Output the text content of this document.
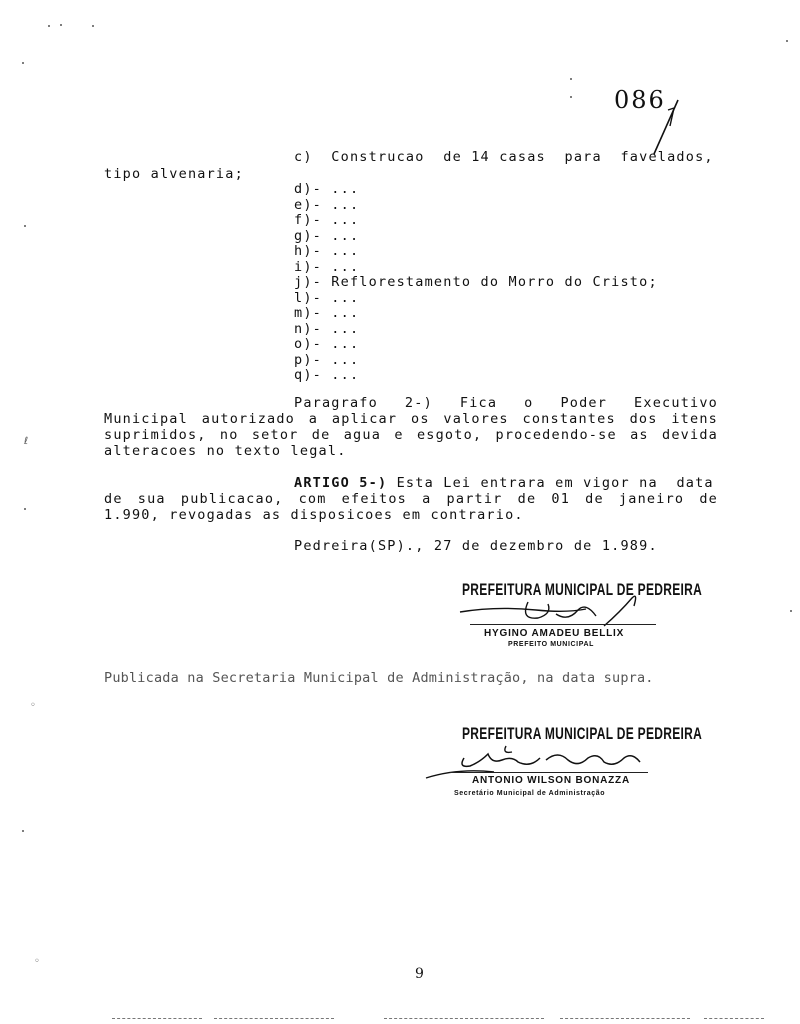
ℓ
◦
◦
086
c)  Construcao  de 14 casas  para  favelados,
tipo alvenaria;
d)- ...
e)- ...
f)- ...
g)- ...
h)- ...
i)- ...
j)- Reflorestamento do Morro do Cristo;
l)- ...
m)- ...
n)- ...
o)- ...
p)- ...
q)- ...
Paragrafo 2-) Fica o Poder Executivo
Municipal autorizado a aplicar os valores constantes dos itens
suprimidos, no setor de agua e esgoto, procedendo-se as devida
alteracoes no texto legal.
ARTIGO 5-) Esta Lei entrara em vigor na  data
de sua publicacao, com efeitos a partir de 01 de janeiro de
1.990, revogadas as disposicoes em contrario.
Pedreira(SP)., 27 de dezembro de 1.989.
PREFEITURA MUNICIPAL DE PEDREIRA
HYGINO AMADEU BELLIX
PREFEITO MUNICIPAL
Publicada na Secretaria Municipal de Administração, na data supra.
PREFEITURA MUNICIPAL DE PEDREIRA
ANTONIO WILSON BONAZZA
Secretário Municipal de Administração
9
